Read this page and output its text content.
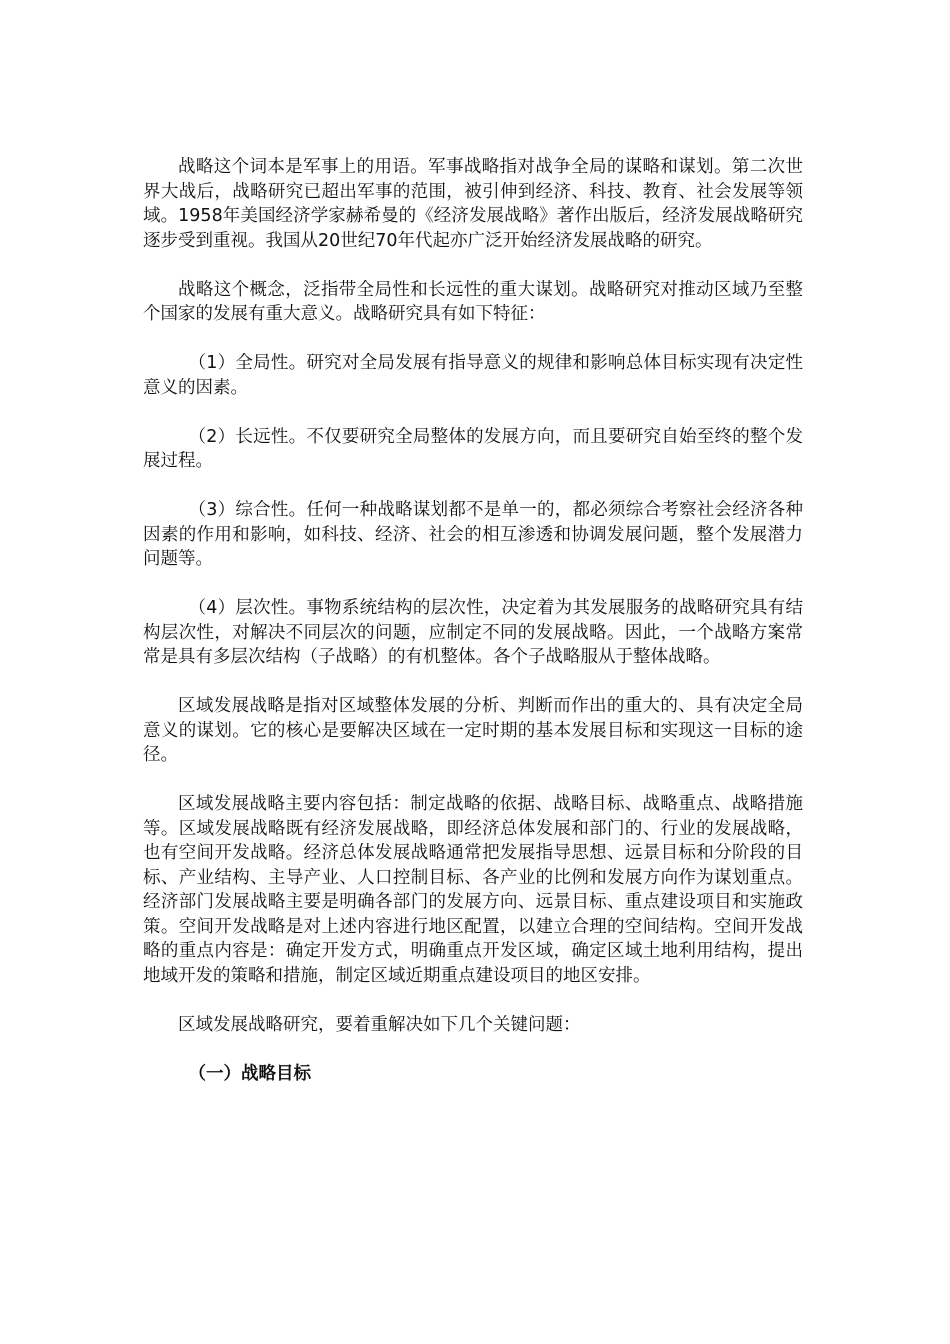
战略这个词本是军事上的用语。军事战略指对战争全局的谋略和谋划。第二次世界大战后，战略研究已超出军事的范围，被引伸到经济、科技、教育、社会发展等领域。1958年美国经济学家赫希曼的《经济发展战略》著作出版后，经济发展战略研究逐步受到重视。我国从20世纪70年代起亦广泛开始经济发展战略的研究。

战略这个概念，泛指带全局性和长远性的重大谋划。战略研究对推动区域乃至整个国家的发展有重大意义。战略研究具有如下特征：

（1）全局性。研究对全局发展有指导意义的规律和影响总体目标实现有决定性意义的因素。

（2）长远性。不仅要研究全局整体的发展方向，而且要研究自始至终的整个发展过程。

（3）综合性。任何一种战略谋划都不是单一的，都必须综合考察社会经济各种因素的作用和影响，如科技、经济、社会的相互渗透和协调发展问题，整个发展潜力问题等。

（4）层次性。事物系统结构的层次性，决定着为其发展服务的战略研究具有结构层次性，对解决不同层次的问题，应制定不同的发展战略。因此，一个战略方案常常是具有多层次结构（子战略）的有机整体。各个子战略服从于整体战略。

区域发展战略是指对区域整体发展的分析、判断而作出的重大的、具有决定全局意义的谋划。它的核心是要解决区域在一定时期的基本发展目标和实现这一目标的途径。

区域发展战略主要内容包括：制定战略的依据、战略目标、战略重点、战略措施等。区域发展战略既有经济发展战略，即经济总体发展和部门的、行业的发展战略，也有空间开发战略。经济总体发展战略通常把发展指导思想、远景目标和分阶段的目标、产业结构、主导产业、人口控制目标、各产业的比例和发展方向作为谋划重点。经济部门发展战略主要是明确各部门的发展方向、远景目标、重点建设项目和实施政策。空间开发战略是对上述内容进行地区配置，以建立合理的空间结构。空间开发战略的重点内容是：确定开发方式，明确重点开发区域，确定区域土地利用结构，提出地域开发的策略和措施，制定区域近期重点建设项目的地区安排。

区域发展战略研究，要着重解决如下几个关键问题：

（一）战略目标
